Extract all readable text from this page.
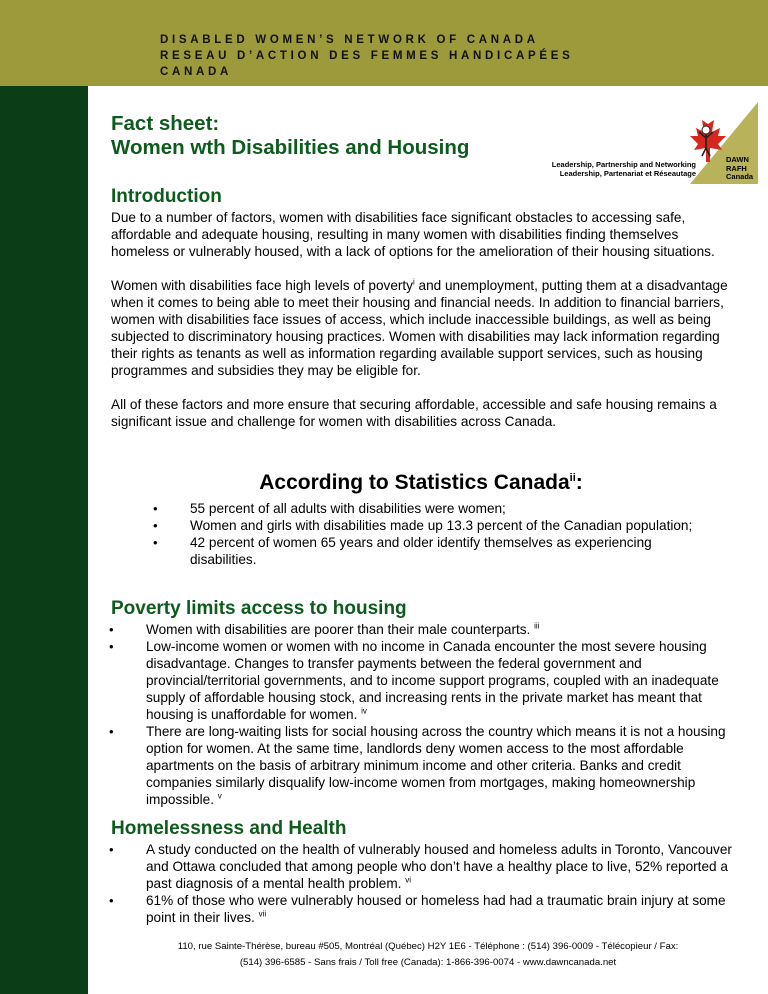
DISABLED WOMEN’S NETWORK OF CANADA
RESEAU D’ACTION DES FEMMES HANDICAPÉES
CANADA
Fact sheet:
Women wth Disabilities and Housing
Leadership, Partnership and Networking
Leadership, Partenariat et Réseautage
DAWN
RAFH
Canada
Introduction

Due to a number of factors, women with disabilities face significant obstacles to accessing safe, affordable and adequate housing, resulting in many women with disabilities finding themselves homeless or vulnerably housed, with a lack of options for the amelioration of their housing situations.

Women with disabilities face high levels of poverty$^i$ and unemployment, putting them at a disadvantage when it comes to being able to meet their housing and financial needs. In addition to financial barriers, women with disabilities face issues of access, which include inaccessible buildings, as well as being subjected to discriminatory housing practices. Women with disabilities may lack information regarding their rights as tenants as well as information regarding available support services, such as housing programmes and subsidies they may be eligible for.

All of these factors and more ensure that securing affordable, accessible and safe housing remains a significant issue and challenge for women with disabilities across Canada.

According to Statistics Canada$^{ii}$:
• 55 percent of all adults with disabilities were women;
• Women and girls with disabilities made up 13.3 percent of the Canadian population;
• 42 percent of women 65 years and older identify themselves as experiencing disabilities.
Poverty limits access to housing
• Women with disabilities are poorer than their male counterparts. $^{iii}$
• Low-income women or women with no income in Canada encounter the most severe housing disadvantage. Changes to transfer payments between the federal government and provincial/territorial governments, and to income support programs, coupled with an inadequate supply of affordable housing stock, and increasing rents in the private market has meant that housing is unaffordable for women. $^{iv}$
• There are long-waiting lists for social housing across the country which means it is not a housing option for women. At the same time, landlords deny women access to the most affordable apartments on the basis of arbitrary minimum income and other criteria. Banks and credit companies similarly disqualify low-income women from mortgages, making homeownership impossible. $^v$
Homelessness and Health
• A study conducted on the health of vulnerably housed and homeless adults in Toronto, Vancouver and Ottawa concluded that among people who don’t have a healthy place to live, 52% reported a past diagnosis of a mental health problem. $^{vi}$
• 61% of those who were vulnerably housed or homeless had had a traumatic brain injury at some point in their lives. $^{vii}$
110, rue Sainte-Thérèse, bureau #505, Montréal (Québec) H2Y 1E6 - Téléphone : (514) 396-0009 - Télécopieur / Fax:
(514) 396-6585 - Sans frais / Toll free (Canada): 1-866-396-0074 - www.dawncanada.net
